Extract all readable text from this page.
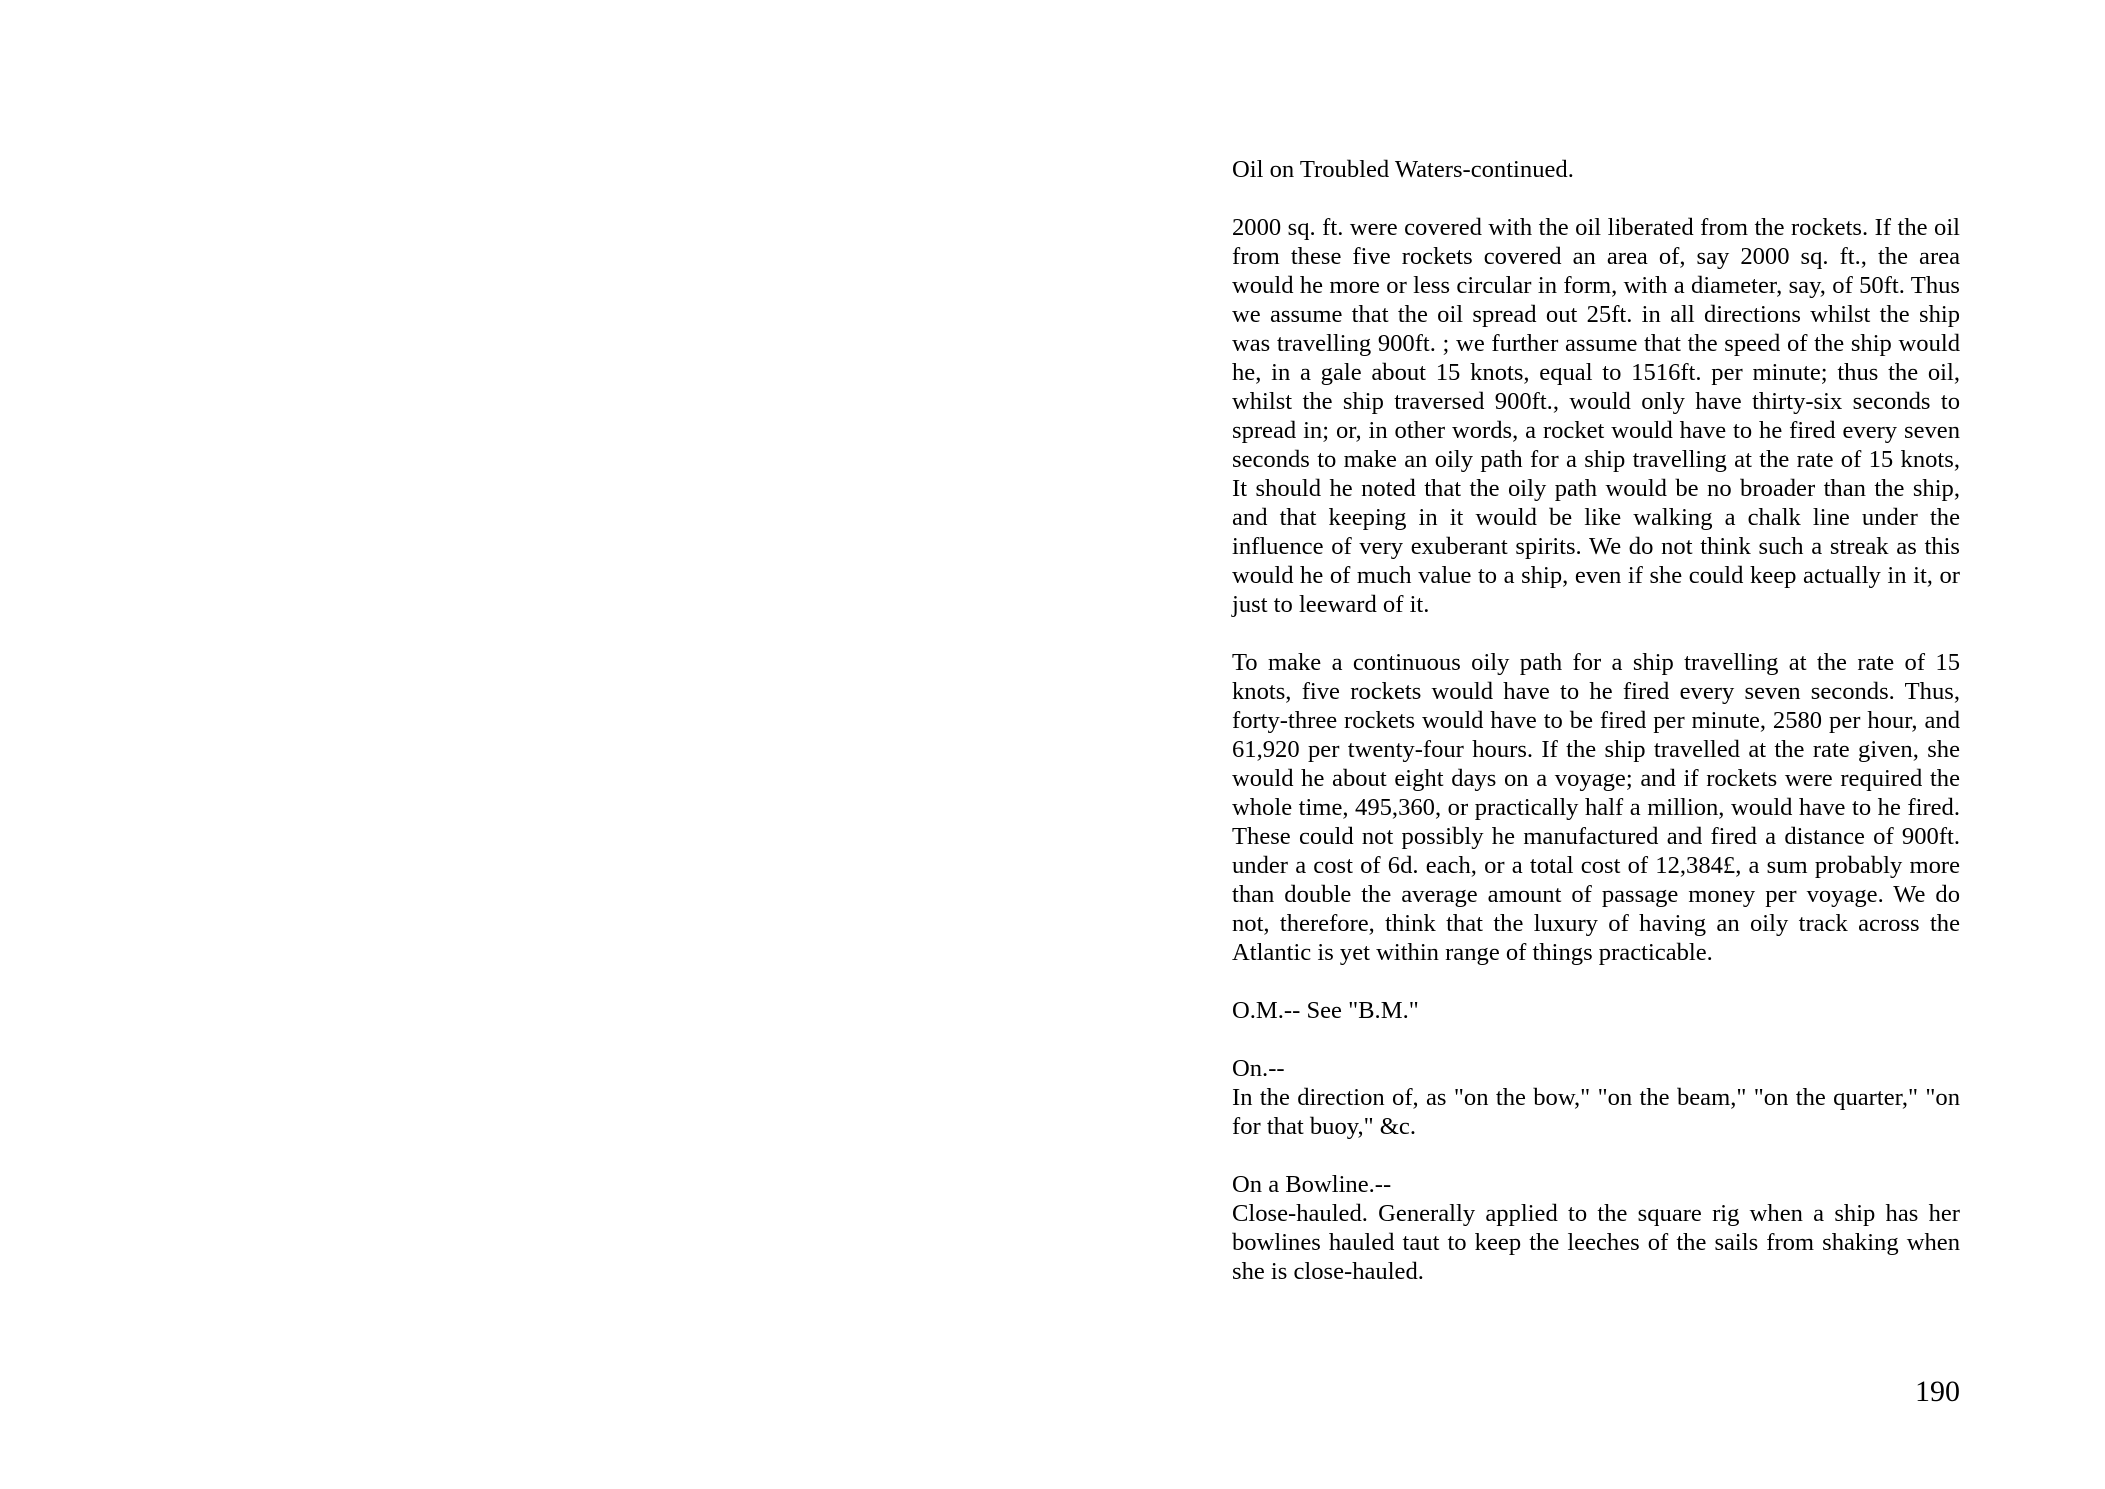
Oil on Troubled Waters-continued.

2000 sq. ft. were covered with the oil liberated from the rockets. If the oil from these five rockets covered an area of, say 2000 sq. ft., the area would he more or less circular in form, with a diameter, say, of 50ft. Thus we assume that the oil spread out 25ft. in all directions whilst the ship was travelling 900ft. ; we further assume that the speed of the ship would he, in a gale about 15 knots, equal to 1516ft. per minute; thus the oil, whilst the ship traversed 900ft., would only have thirty-six seconds to spread in; or, in other words, a rocket would have to he fired every seven seconds to make an oily path for a ship travelling at the rate of 15 knots, It should he noted that the oily path would be no broader than the ship, and that keeping in it would be like walking a chalk line under the influence of very exuberant spirits. We do not think such a streak as this would he of much value to a ship, even if she could keep actually in it, or just to leeward of it.

To make a continuous oily path for a ship travelling at the rate of 15 knots, five rockets would have to he fired every seven seconds. Thus, forty-three rockets would have to be fired per minute, 2580 per hour, and 61,920 per twenty-four hours. If the ship travelled at the rate given, she would he about eight days on a voyage; and if rockets were required the whole time, 495,360, or practically half a million, would have to he fired. These could not possibly he manufactured and fired a distance of 900ft. under a cost of 6d. each, or a total cost of 12,384£, a sum probably more than double the average amount of passage money per voyage. We do not, therefore, think that the luxury of having an oily track across the Atlantic is yet within range of things practicable.

O.M.-- See "B.M."

On.--

In the direction of, as "on the bow," "on the beam," "on the quarter," "on for that buoy," &c.

On a Bowline.--

Close-hauled. Generally applied to the square rig when a ship has her bowlines hauled taut to keep the leeches of the sails from shaking when she is close-hauled.

190
